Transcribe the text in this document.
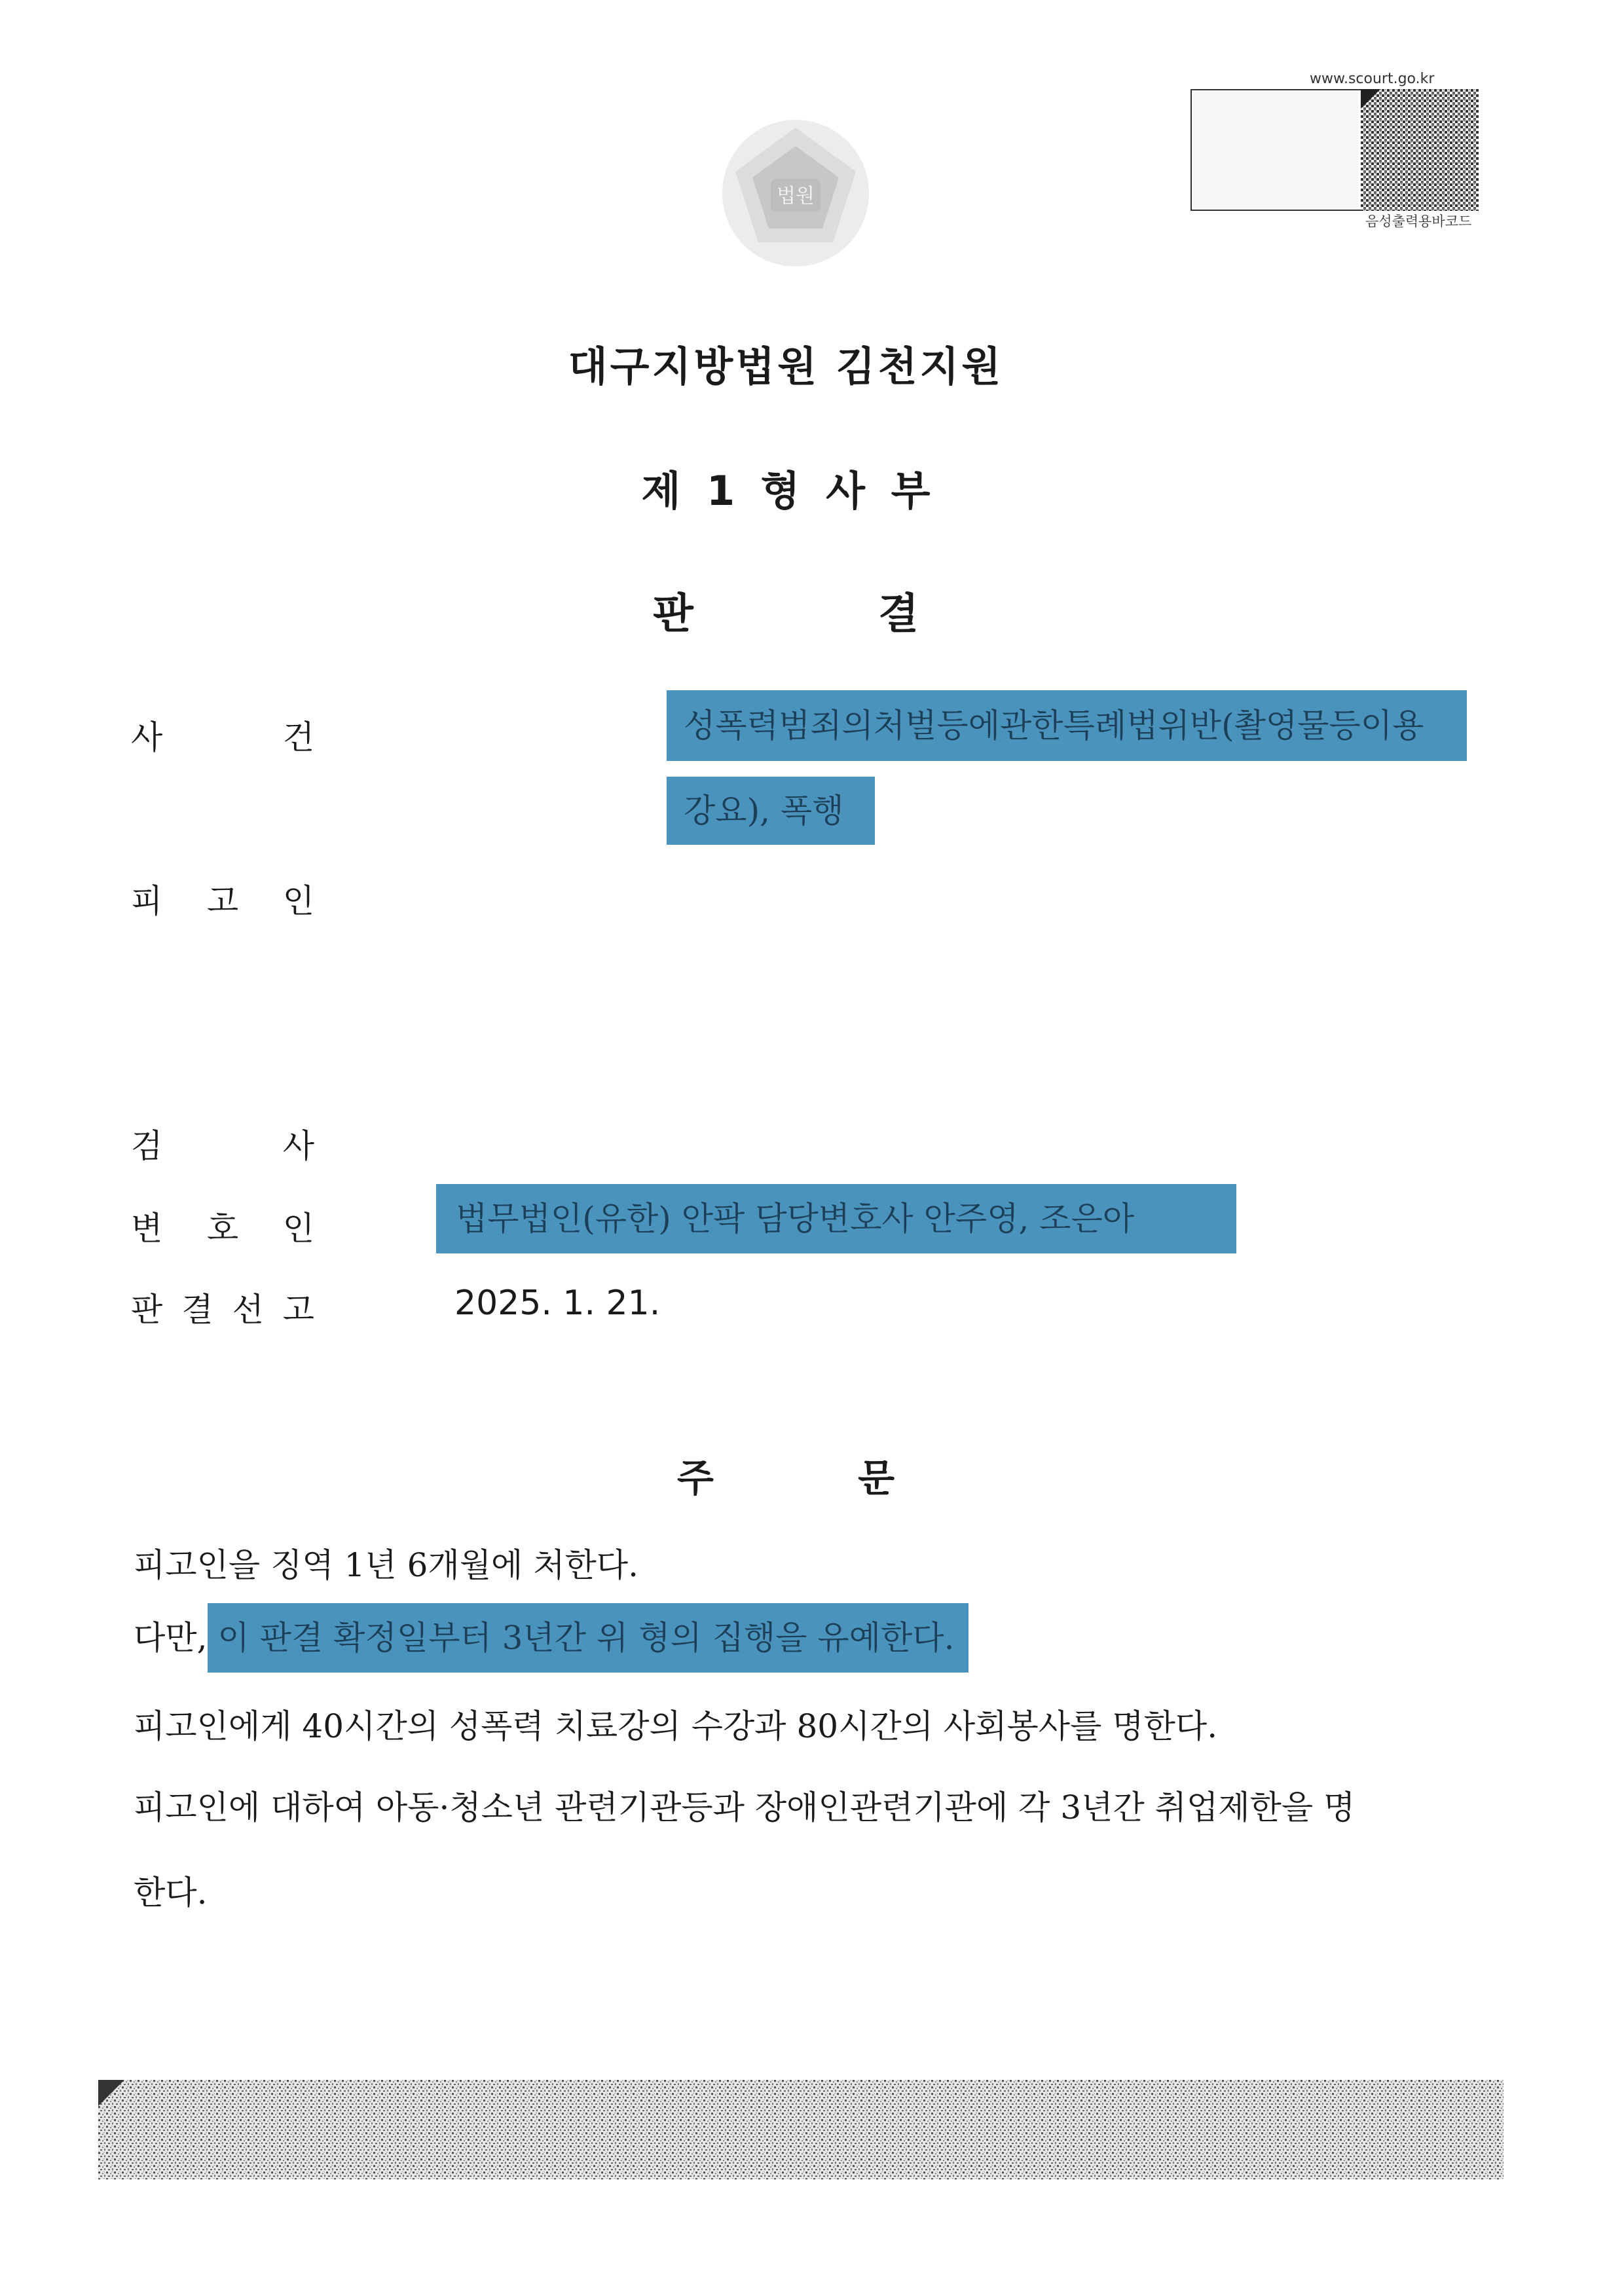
법원
www.scourt.go.kr
음성출력용바코드
대구지방법원 김천지원
제 1 형 사 부
판 결
사	건
피 고 인
검	사
변 호 인
판 결 선 고
성폭력범죄의처벌등에관한특례법위반(촬영물등이용
강요), 폭행
법무법인(유한) 안팍 담당변호사 안주영, 조은아
2025. 1. 21.
주 문
피고인을 징역 1년 6개월에 처한다.
다만, 이 판결 확정일부터 3년간 위 형의 집행을 유예한다.
피고인에게 40시간의 성폭력 치료강의 수강과 80시간의 사회봉사를 명한다.
피고인에 대하여 아동·청소년 관련기관등과 장애인관련기관에 각 3년간 취업제한을 명
한다.
